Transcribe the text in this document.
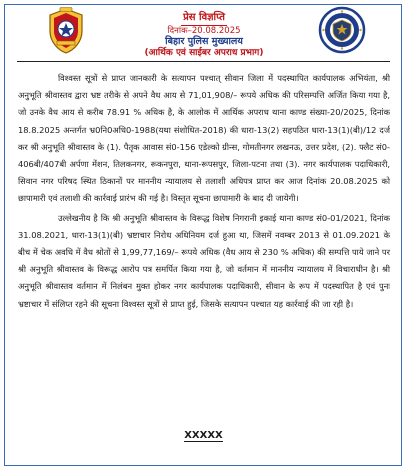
प्रेस विज्ञप्ति
दिनांक–20.08.2025
बिहार पुलिस मुख्यालय
(आर्थिक एवं साईबर अपराध प्रभाग)

विश्वस्त सूत्रों से प्राप्त जानकारी के सत्यापन पश्चात् सीवान जिला में पदस्थापित कार्यपालक अभियंता, श्री अनुभूति श्रीवास्तव द्वारा भ्रष्ट तरीके से अपने वैध आय से 71,01,908/– रूपये अधिक की परिसम्पत्ति अर्जित किया गया है, जो उनके वैध आय से करीब 78.91 % अधिक है, के आलोक में आर्थिक अपराध थाना काण्ड संख्या-20/2025, दिनांक 18.8.2025 अन्तर्गत भ्र0नि0अधि0-1988(यथा संशोधित-2018) की धारा-13(2) सहपठित धारा-13(1)(बी)/12 दर्ज कर श्री अनुभूति श्रीवास्तव के (1). पैतृक आवास सं0-156 एडेल्को ग्रीन्स, गोमतीनगर लखनऊ, उत्तर प्रदेश, (2). फ्लैट सं0-406बी/407बी अर्पणा मेंशन, तिलकनगर, रूकनपुरा, थाना-रूपसपुर, जिला-पटना तथा (3). नगर कार्यपालक पदाधिकारी, सिवान नगर परिषद स्थित ठिकानों पर माननीय न्यायालय से तलाशी अधिपत्र प्राप्त कर आज दिनांक 20.08.2025 को छापामारी एवं तलाशी की कार्रवाई प्रारंभ की गई है। विस्तृत सूचना छापामारी के बाद दी जायेगी।

उल्लेखनीय है कि श्री अनुभूति श्रीवास्तव के विरूद्ध विशेष निगरानी इकाई थाना काण्ड सं0-01/2021, दिनांक 31.08.2021, धारा-13(1)(बी) भ्रष्टाचार निरोध अधिनियम दर्ज हुआ था, जिसमें नवम्बर 2013 से 01.09.2021 के बीच में चेक अवधि में वैध श्रोतों से 1,99,77,169/– रूपये अधिक (वैध आय से 230 % अधिक) की सम्पत्ति पाये जाने पर श्री अनुभूति श्रीवास्तव के विरूद्ध आरोप पत्र समर्पित किया गया है, जो वर्तमान में माननीय न्यायालय में विचाराधीन है। श्री अनुभूति श्रीवास्तव वर्तमान में निलंबन मुक्त होकर नगर कार्यपालक पदाधिकारी, सीवान के रूप में पदस्थापित है एवं पुनः भ्रष्टाचार में संलिप्त रहने की सूचना विश्वस्त सूत्रों से प्राप्त हुई, जिसके सत्यापन पश्चात यह कार्रवाई की जा रही है।

XXXXX
